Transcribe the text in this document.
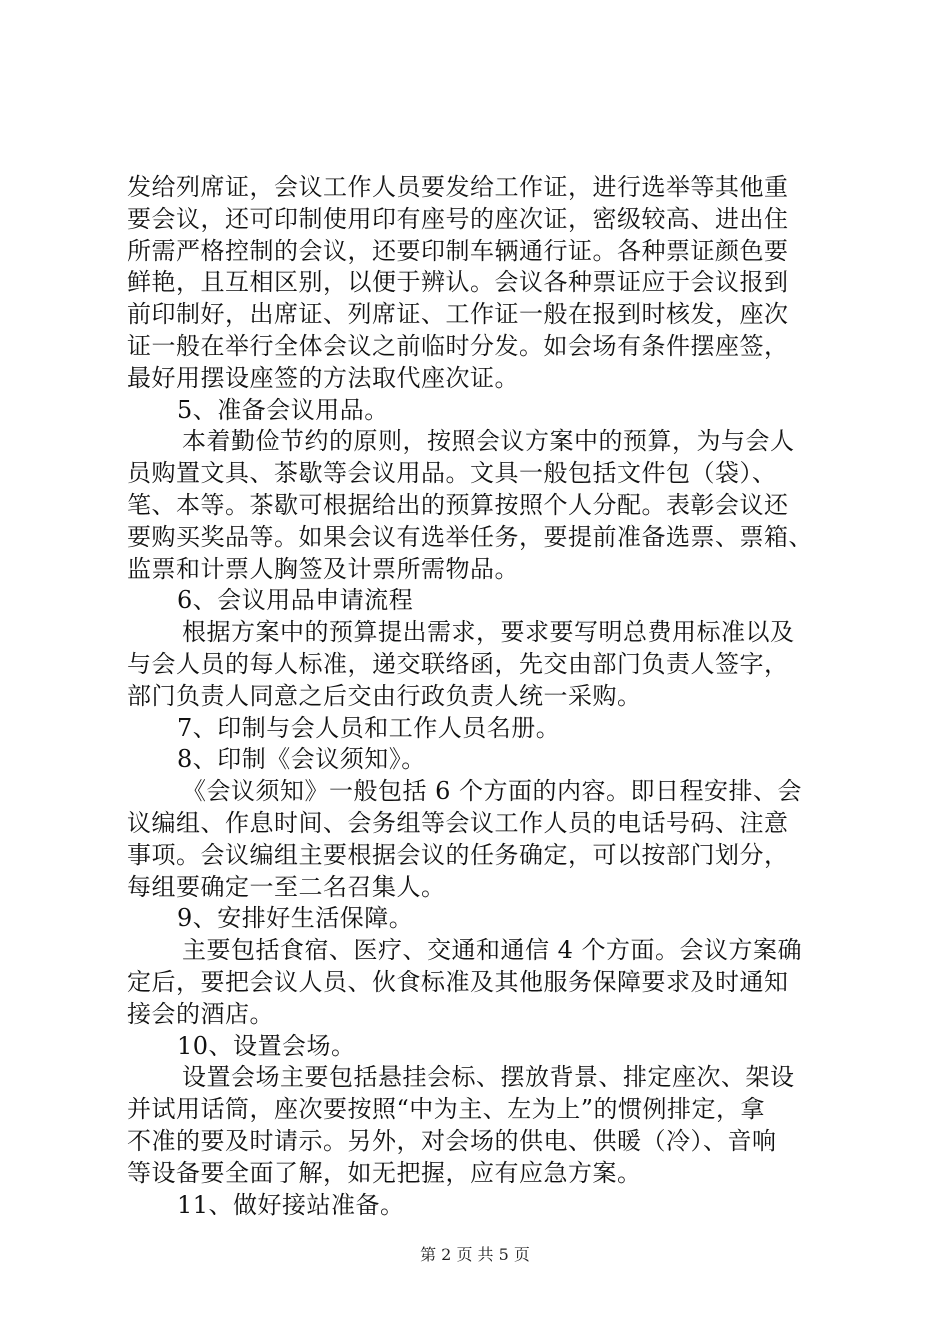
发给列席证，会议工作人员要发给工作证，进行选举等其他重
要会议，还可印制使用印有座号的座次证，密级较高、进出住
所需严格控制的会议，还要印制车辆通行证。各种票证颜色要
鲜艳，且互相区别，以便于辨认。会议各种票证应于会议报到
前印制好，出席证、列席证、工作证一般在报到时核发，座次
证一般在举行全体会议之前临时分发。如会场有条件摆座签，
最好用摆设座签的方法取代座次证。
5、准备会议用品。
本着勤俭节约的原则，按照会议方案中的预算，为与会人
员购置文具、茶歇等会议用品。文具一般包括文件包（袋）、
笔、本等。茶歇可根据给出的预算按照个人分配。表彰会议还
要购买奖品等。如果会议有选举任务，要提前准备选票、票箱、
监票和计票人胸签及计票所需物品。
6、会议用品申请流程
根据方案中的预算提出需求，要求要写明总费用标准以及
与会人员的每人标准，递交联络函，先交由部门负责人签字，
部门负责人同意之后交由行政负责人统一采购。
7、印制与会人员和工作人员名册。
8、印制《会议须知》。
《会议须知》一般包括 6 个方面的内容。即日程安排、会
议编组、作息时间、会务组等会议工作人员的电话号码、注意
事项。会议编组主要根据会议的任务确定，可以按部门划分，
每组要确定一至二名召集人。
9、安排好生活保障。
主要包括食宿、医疗、交通和通信 4 个方面。会议方案确
定后，要把会议人员、伙食标准及其他服务保障要求及时通知
接会的酒店。
10、设置会场。
设置会场主要包括悬挂会标、摆放背景、排定座次、架设
并试用话筒，座次要按照“中为主、左为上”的惯例排定，拿
不准的要及时请示。另外，对会场的供电、供暖（冷）、音响
等设备要全面了解，如无把握，应有应急方案。
11、做好接站准备。
第 2 页 共 5 页
